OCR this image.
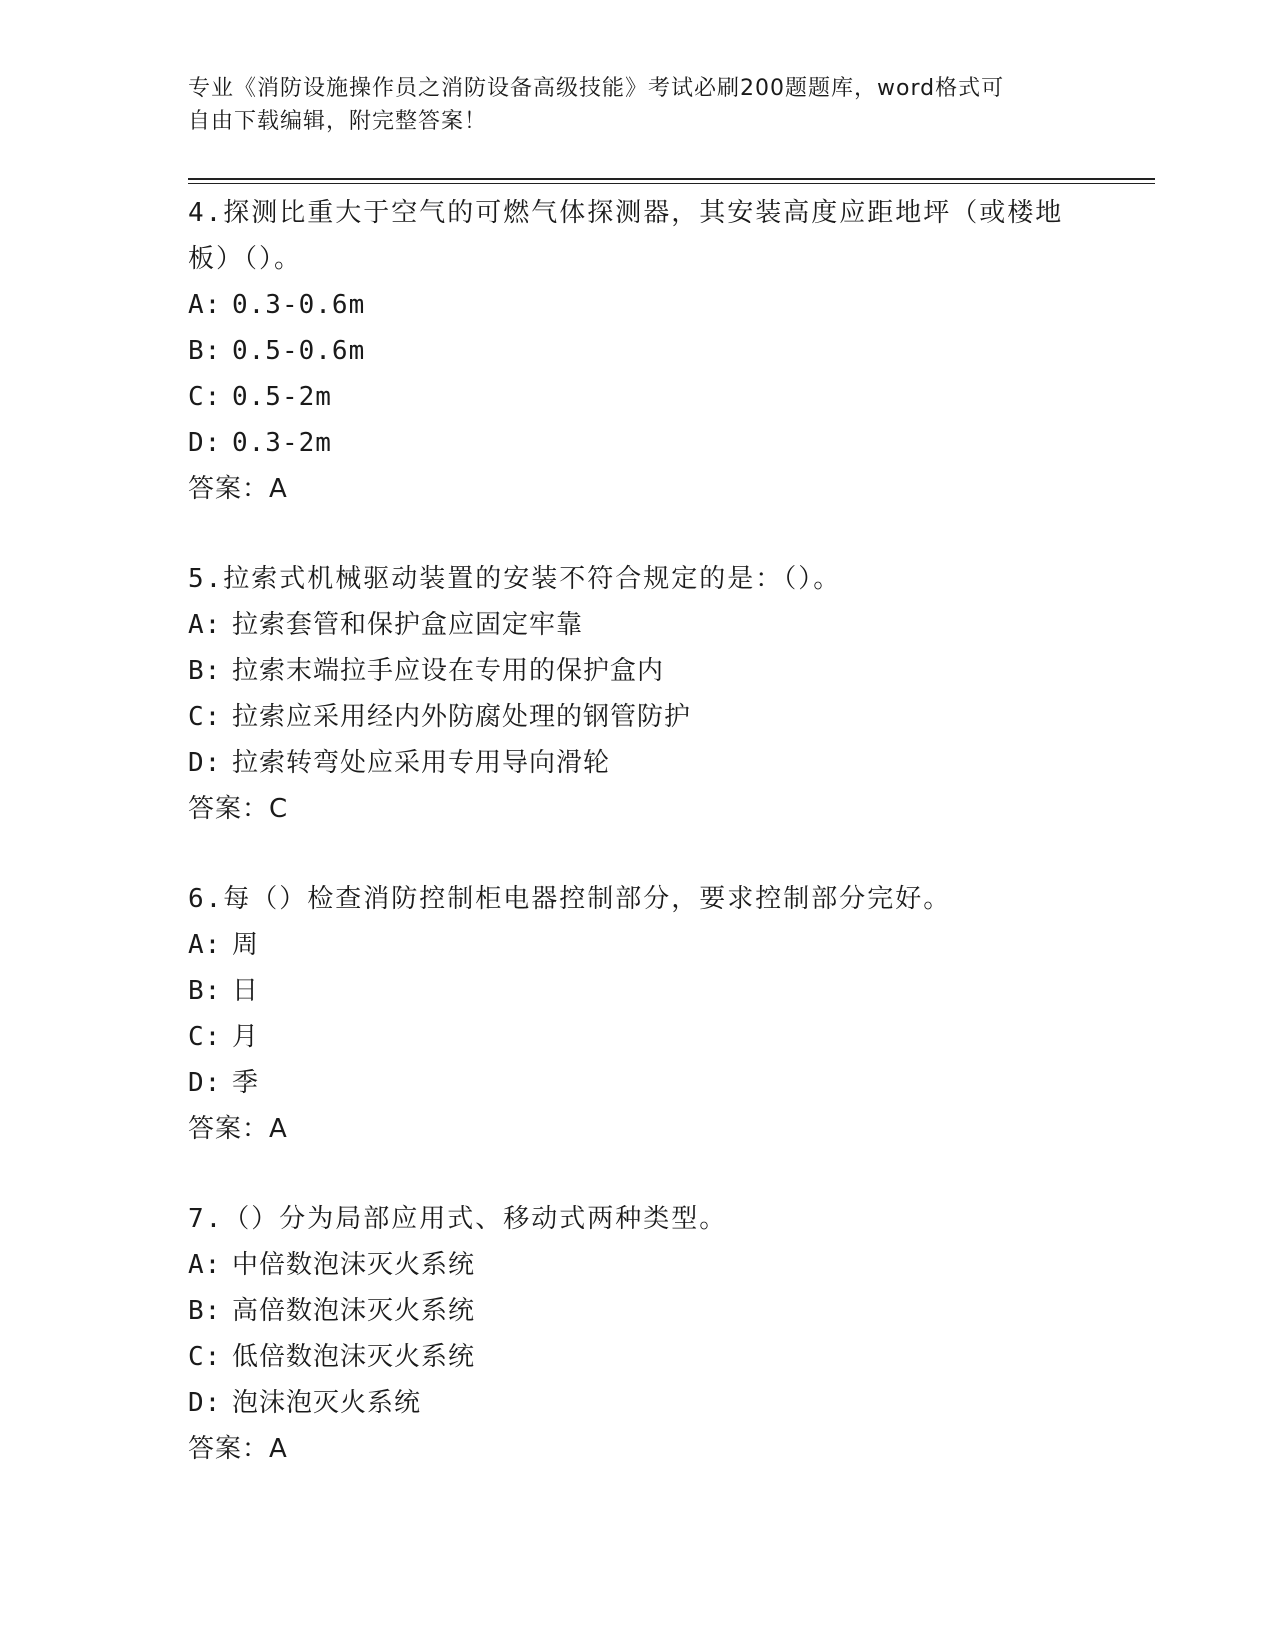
专业《消防设施操作员之消防设备高级技能》考试必刷200题题库，word格式可
自由下载编辑，附完整答案！
4.探测比重大于空气的可燃气体探测器，其安装高度应距地坪（或楼地板）（）。
A: 0.3-0.6m
B: 0.5-0.6m
C: 0.5-2m
D: 0.3-2m
答案：A
5.拉索式机械驱动装置的安装不符合规定的是：（）。
A: 拉索套管和保护盒应固定牢靠
B: 拉索末端拉手应设在专用的保护盒内
C: 拉索应采用经内外防腐处理的钢管防护
D: 拉索转弯处应采用专用导向滑轮
答案：C
6.每（）检查消防控制柜电器控制部分，要求控制部分完好。
A: 周
B: 日
C: 月
D: 季
答案：A
7.（）分为局部应用式、移动式两种类型。
A: 中倍数泡沫灭火系统
B: 高倍数泡沫灭火系统
C: 低倍数泡沫灭火系统
D: 泡沫泡灭火系统
答案：A
